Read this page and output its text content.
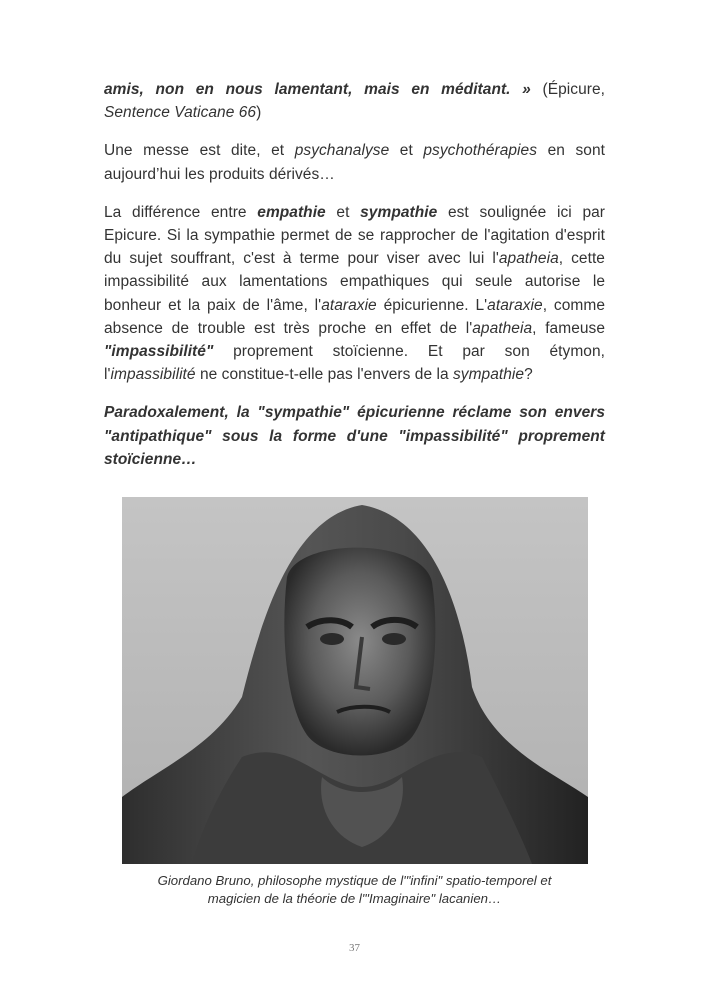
amis, non en nous lamentant, mais en méditant. » (Épicure, Sentence Vaticane 66)

Une messe est dite, et psychanalyse et psychothérapies en sont aujourd’hui les produits dérivés…

La différence entre empathie et sympathie est soulignée ici par Epicure. Si la sympathie permet de se rapprocher de l'agitation d'esprit du sujet souffrant, c'est à terme pour viser avec lui l'apatheia, cette impassibilité aux lamentations empathiques qui seule autorise le bonheur et la paix de l'âme, l'ataraxie épicurienne. L'ataraxie, comme absence de trouble est très proche en effet de l'apatheia, fameuse "impassibilité" proprement stoïcienne. Et par son étymon, l'impassibilité ne constitue-t-elle pas l'envers de la sympathie?

Paradoxalement, la "sympathie" épicurienne réclame son envers "antipathique" sous la forme d'une "impassibilité" proprement stoïcienne…

Giordano Bruno, philosophe mystique de l'"infini" spatio-temporel et
magicien de la théorie de l'"Imaginaire" lacanien…
37
